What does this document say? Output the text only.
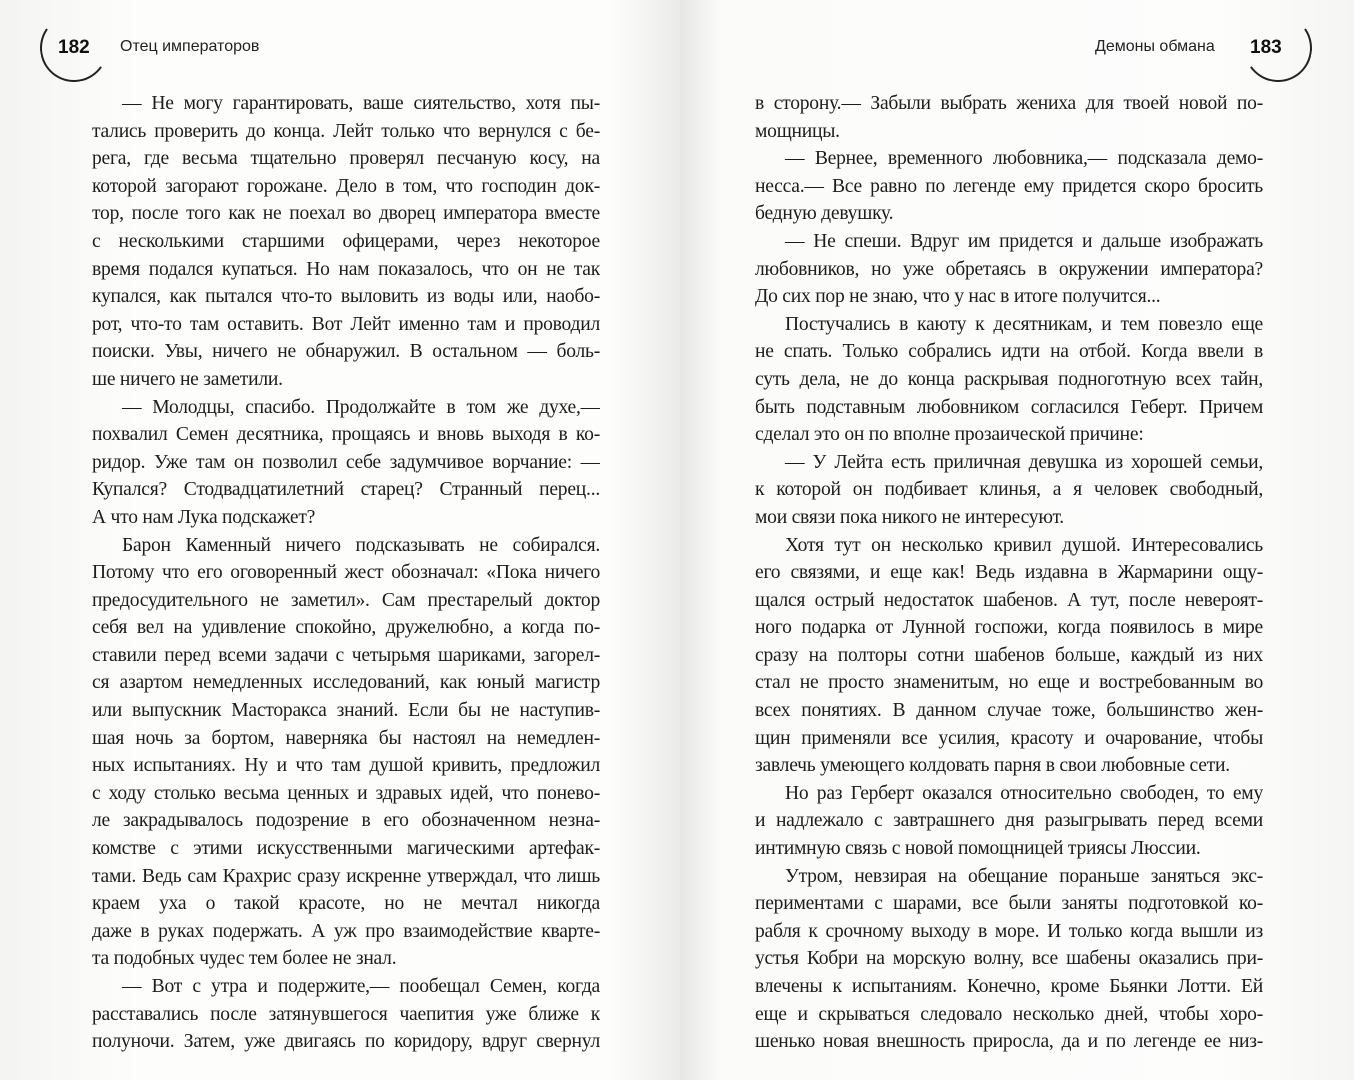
182 Отец императоров
— Не могу гарантировать, ваше сиятельство, хотя пы-
тались проверить до конца. Лейт только что вернулся с бе-
рега, где весьма тщательно проверял песчаную косу, на
которой загорают горожане. Дело в том, что господин док-
тор, после того как не поехал во дворец императора вместе
с несколькими старшими офицерами, через некоторое
время подался купаться. Но нам показалось, что он не так
купался, как пытался что-то выловить из воды или, наобо-
рот, что-то там оставить. Вот Лейт именно там и проводил
поиски. Увы, ничего не обнаружил. В остальном — боль-
ше ничего не заметили.
— Молодцы, спасибо. Продолжайте в том же духе,—
похвалил Семен десятника, прощаясь и вновь выходя в ко-
ридор. Уже там он позволил себе задумчивое ворчание: —
Купался? Стодвадцатилетний старец? Странный перец...
А что нам Лука подскажет?
Барон Каменный ничего подсказывать не собирался.
Потому что его оговоренный жест обозначал: «Пока ничего
предосудительного не заметил». Сам престарелый доктор
себя вел на удивление спокойно, дружелюбно, а когда по-
ставили перед всеми задачи с четырьмя шариками, загорел-
ся азартом немедленных исследований, как юный магистр
или выпускник Мастораксa знаний. Если бы не наступив-
шая ночь за бортом, наверняка бы настоял на немедлен-
ных испытаниях. Ну и что там душой кривить, предложил
с ходу столько весьма ценных и здравых идей, что понево-
ле закрадывалось подозрение в его обозначенном незна-
комстве с этими искусственными магическими артефак-
тами. Ведь сам Крахрис сразу искренне утверждал, что лишь
краем уха о такой красоте, но не мечтал никогда
даже в руках подержать. А уж про взаимодействие кварте-
та подобных чудес тем более не знал.
— Вот с утра и подержите,— пообещал Семен, когда
расставались после затянувшегося чаепития уже ближе к
полуночи. Затем, уже двигаясь по коридору, вдруг свернул
Демоны обмана 183
в сторону.— Забыли выбрать жениха для твоей новой по-
мощницы.
— Вернее, временного любовника,— подсказала демо-
несса.— Все равно по легенде ему придется скоро бросить
бедную девушку.
— Не спеши. Вдруг им придется и дальше изображать
любовников, но уже обретаясь в окружении императора?
До сих пор не знаю, что у нас в итоге получится...
Постучались в каюту к десятникам, и тем повезло еще
не спать. Только собрались идти на отбой. Когда ввели в
суть дела, не до конца раскрывая подноготную всех тайн,
быть подставным любовником согласился Геберт. Причем
сделал это он по вполне прозаической причине:
— У Лейта есть приличная девушка из хорошей семьи,
к которой он подбивает клинья, а я человек свободный,
мои связи пока никого не интересуют.
Хотя тут он несколько кривил душой. Интересовались
его связями, и еще как! Ведь издавна в Жармарини ощу-
щался острый недостаток шабенов. А тут, после невероят-
ного подарка от Лунной госпожи, когда появилось в мире
сразу на полторы сотни шабенов больше, каждый из них
стал не просто знаменитым, но еще и востребованным во
всех понятиях. В данном случае тоже, большинство жен-
щин применяли все усилия, красоту и очарование, чтобы
завлечь умеющего колдовать парня в свои любовные сети.
Но раз Герберт оказался относительно свободен, то ему
и надлежало с завтрашнего дня разыгрывать перед всеми
интимную связь с новой помощницей триясы Люссии.
Утром, невзирая на обещание пораньше заняться экс-
периментами с шарами, все были заняты подготовкой ко-
рабля к срочному выходу в море. И только когда вышли из
устья Кобри на морскую волну, все шабены оказались при-
влечены к испытаниям. Конечно, кроме Бьянки Лотти. Ей
еще и скрываться следовало несколько дней, чтобы хоро-
шенько новая внешность приросла, да и по легенде ее низ-
